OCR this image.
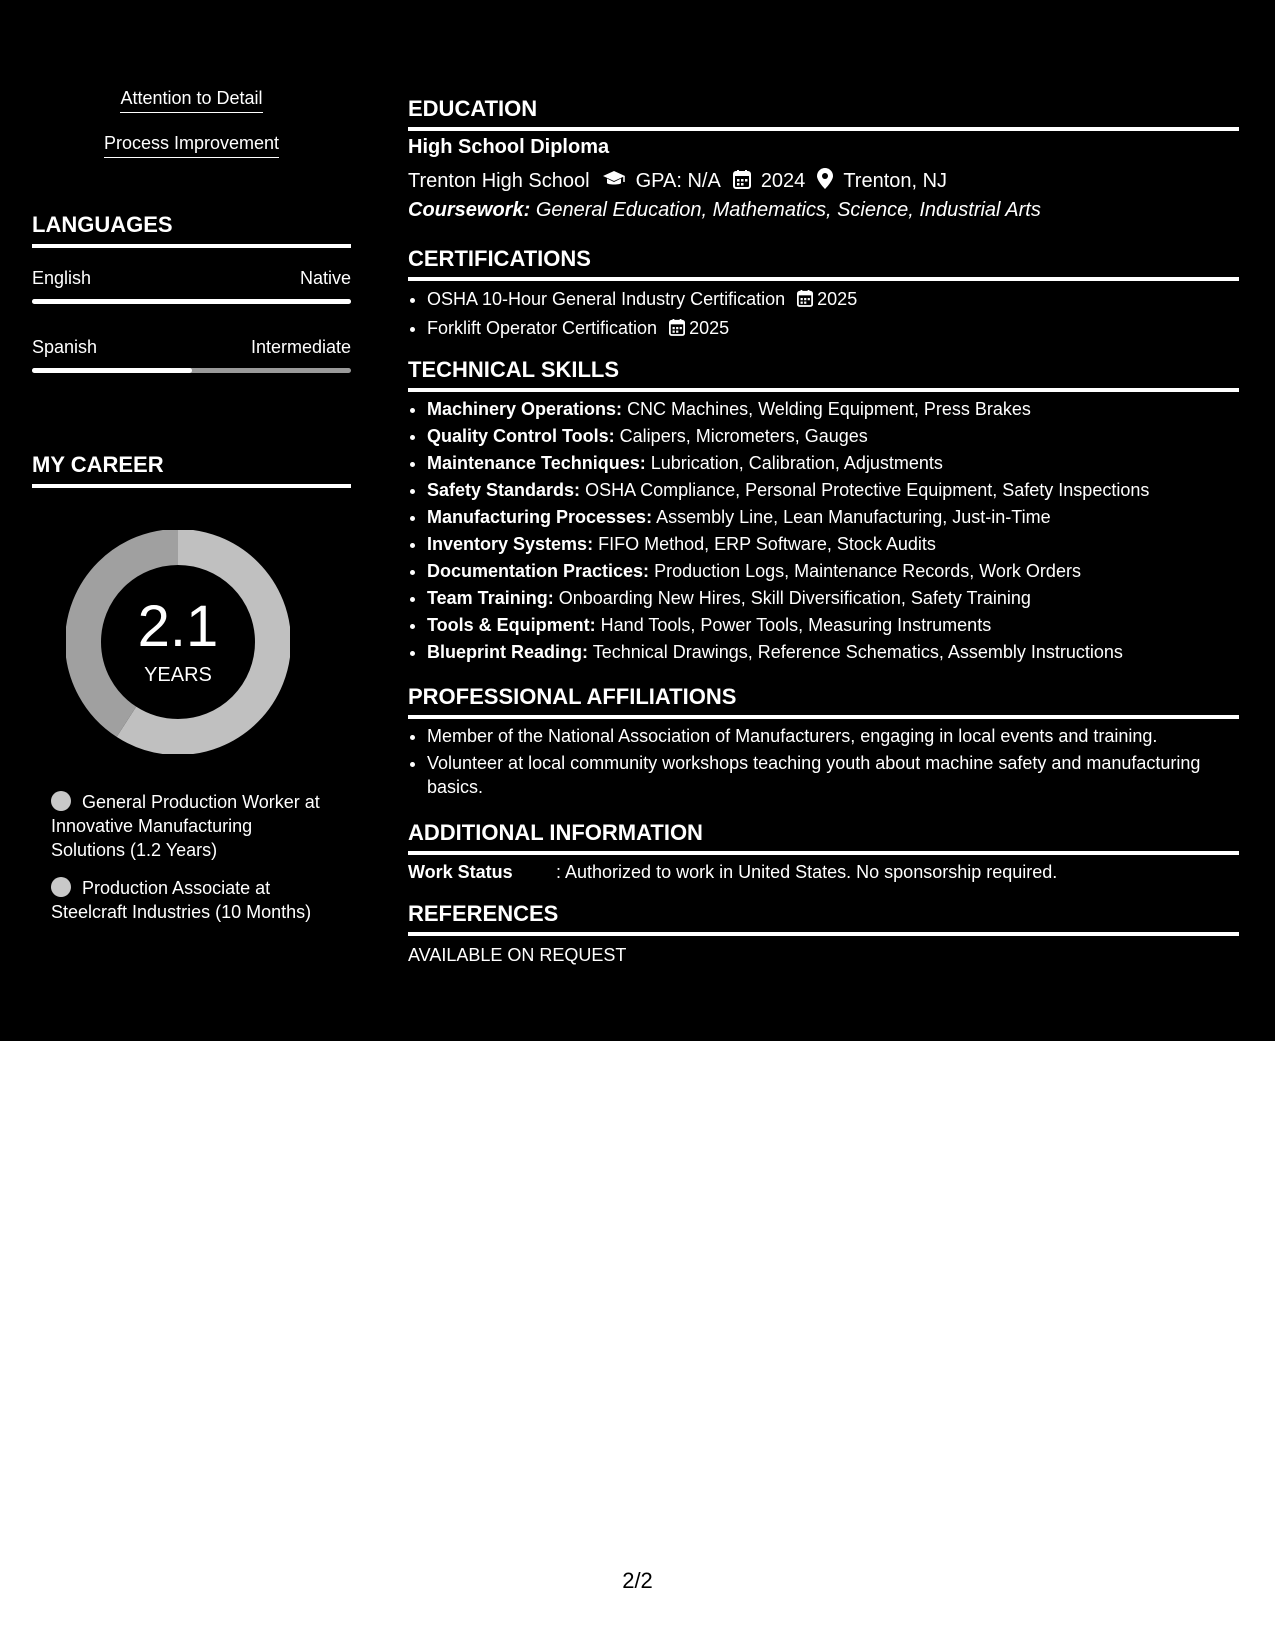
Attention to Detail
Process Improvement
LANGUAGES
English	Native
Spanish	Intermediate
MY CAREER
2.1
YEARS
General Production Worker at Innovative Manufacturing Solutions (1.2 Years)
Production Associate at Steelcraft Industries (10 Months)
EDUCATION
High School Diploma
Trenton High School GPA: N/A 2024 Trenton, NJ
Coursework: General Education, Mathematics, Science, Industrial Arts
CERTIFICATIONS
• OSHA 10-Hour General Industry Certification 2025
• Forklift Operator Certification 2025
TECHNICAL SKILLS
• Machinery Operations: CNC Machines, Welding Equipment, Press Brakes
• Quality Control Tools: Calipers, Micrometers, Gauges
• Maintenance Techniques: Lubrication, Calibration, Adjustments
• Safety Standards: OSHA Compliance, Personal Protective Equipment, Safety Inspections
• Manufacturing Processes: Assembly Line, Lean Manufacturing, Just-in-Time
• Inventory Systems: FIFO Method, ERP Software, Stock Audits
• Documentation Practices: Production Logs, Maintenance Records, Work Orders
• Team Training: Onboarding New Hires, Skill Diversification, Safety Training
• Tools & Equipment: Hand Tools, Power Tools, Measuring Instruments
• Blueprint Reading: Technical Drawings, Reference Schematics, Assembly Instructions
PROFESSIONAL AFFILIATIONS
• Member of the National Association of Manufacturers, engaging in local events and training.
• Volunteer at local community workshops teaching youth about machine safety and manufacturing basics.
ADDITIONAL INFORMATION
Work Status : Authorized to work in United States. No sponsorship required.
REFERENCES
AVAILABLE ON REQUEST
2/2
